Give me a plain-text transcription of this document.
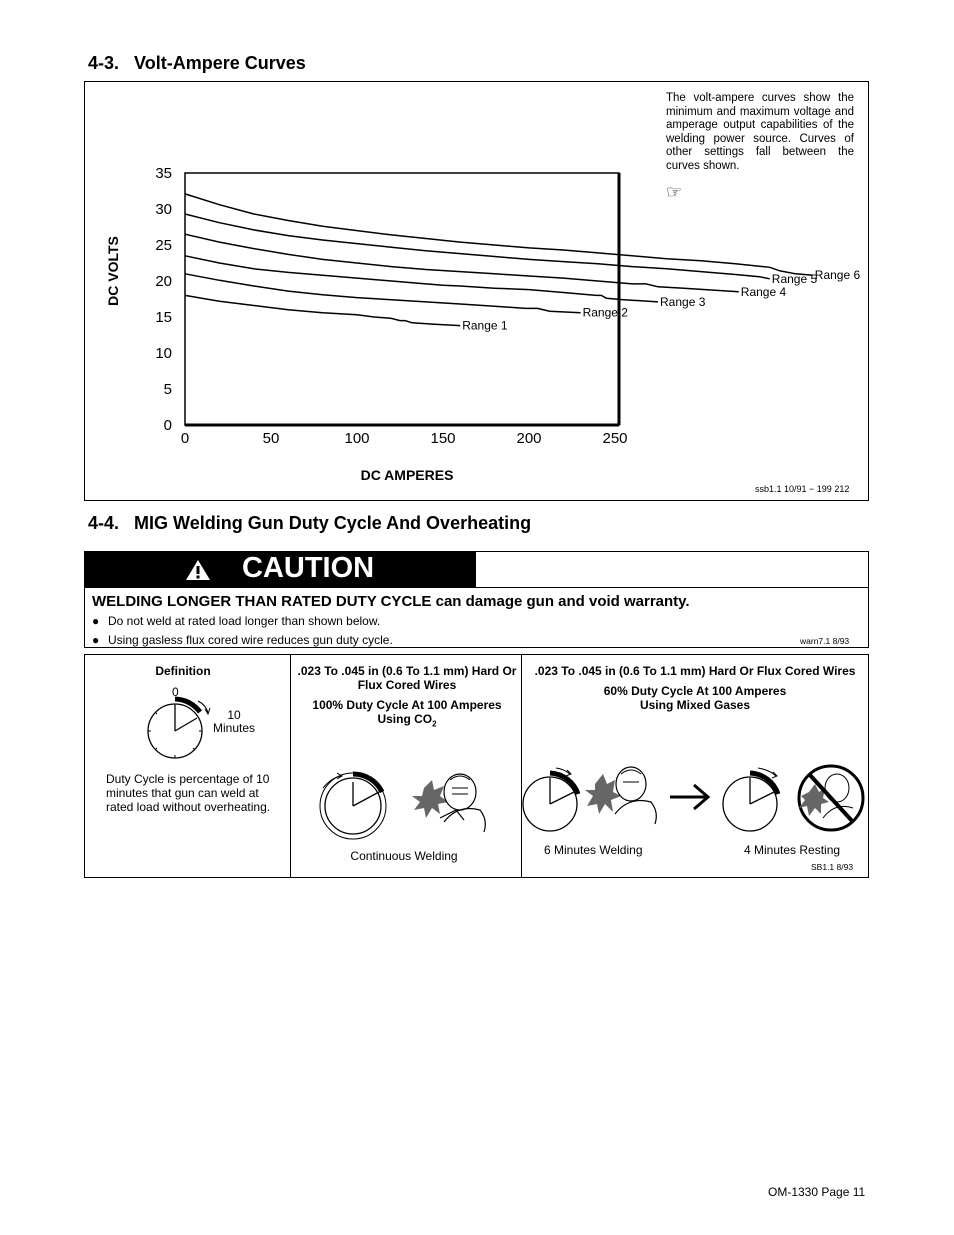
4-3. Volt-Ampere Curves
The volt-ampere curves show the minimum and maximum voltage and amperage output capabilities of the welding power source. Curves of other settings fall between the curves shown.
☞
ssb1.1 10/91 − 199 212
DC VOLTS
DC AMPERES
Range 1
Range 2
Range 3
Range 4
Range 5
Range 6
0
5
10
15
20
25
30
35
0	50	100	150	200	250
4-4. MIG Welding Gun Duty Cycle And Overheating
CAUTION
WELDING LONGER THAN RATED DUTY CYCLE can damage gun and void warranty.
● Do not weld at rated load longer than shown below.
● Using gasless flux cored wire reduces gun duty cycle.	warn7.1 8/93
Definition
0
10
Minutes
Duty Cycle is percentage of 10 minutes that gun can weld at rated load without overheating.
.023 To .045 in (0.6 To 1.1 mm) Hard Or Flux Cored Wires
100% Duty Cycle At 100 Amperes Using $CO_2$
Continuous Welding
.023 To .045 in (0.6 To 1.1 mm) Hard Or Flux Cored Wires
60% Duty Cycle At 100 Amperes Using Mixed Gases
6 Minutes Welding	4 Minutes Resting
SB1.1 8/93
OM-1330 Page 11
